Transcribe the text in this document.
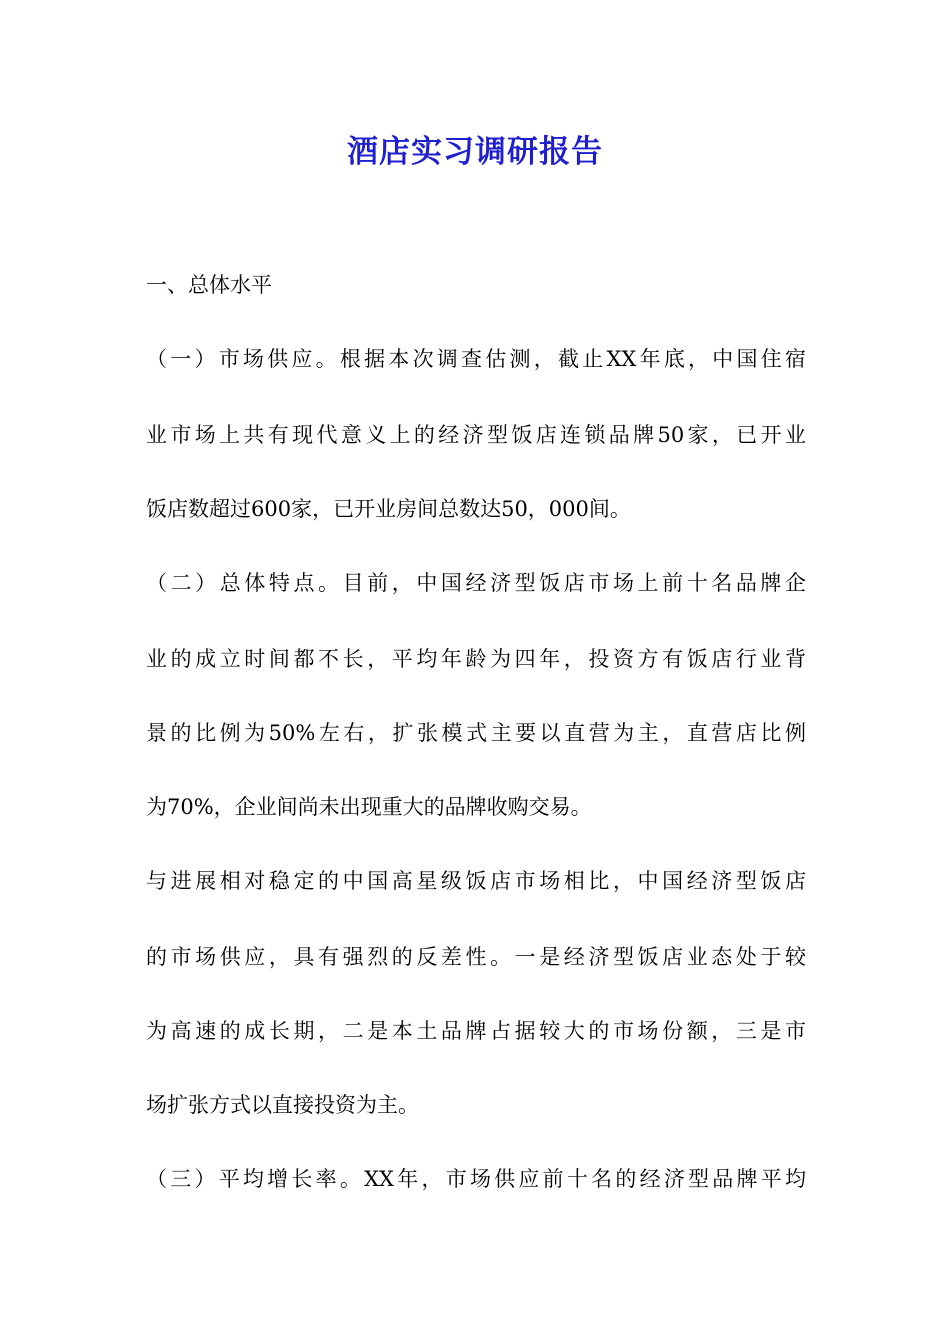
酒店实习调研报告

一、总体水平

（一）市场供应。根据本次调查估测，截止XX年底，中国住宿

业市场上共有现代意义上的经济型饭店连锁品牌50家，已开业

饭店数超过600家，已开业房间总数达50，000间。

（二）总体特点。目前，中国经济型饭店市场上前十名品牌企

业的成立时间都不长，平均年龄为四年，投资方有饭店行业背

景的比例为50%左右，扩张模式主要以直营为主，直营店比例

为70%，企业间尚未出现重大的品牌收购交易。

与进展相对稳定的中国高星级饭店市场相比，中国经济型饭店

的市场供应，具有强烈的反差性。一是经济型饭店业态处于较

为高速的成长期，二是本土品牌占据较大的市场份额，三是市

场扩张方式以直接投资为主。

（三）平均增长率。XX年，市场供应前十名的经济型品牌平均
